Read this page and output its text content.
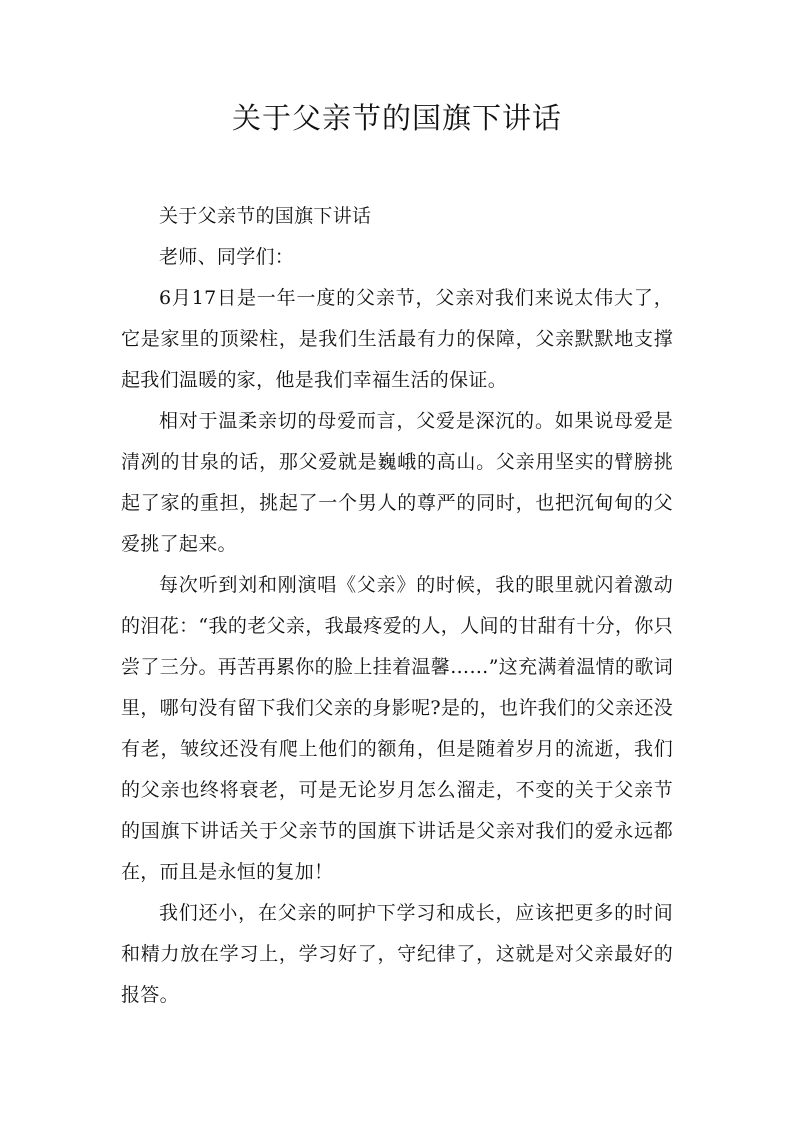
关于父亲节的国旗下讲话

关于父亲节的国旗下讲话

老师、同学们：

6月17日是一年一度的父亲节，父亲对我们来说太伟大了，它是家里的顶梁柱，是我们生活最有力的保障，父亲默默地支撑起我们温暖的家，他是我们幸福生活的保证。

相对于温柔亲切的母爱而言，父爱是深沉的。如果说母爱是清冽的甘泉的话，那父爱就是巍峨的高山。父亲用坚实的臂膀挑起了家的重担，挑起了一个男人的尊严的同时，也把沉甸甸的父爱挑了起来。

每次听到刘和刚演唱《父亲》的时候，我的眼里就闪着激动的泪花：“我的老父亲，我最疼爱的人，人间的甘甜有十分，你只尝了三分。再苦再累你的脸上挂着温馨……”这充满着温情的歌词里，哪句没有留下我们父亲的身影呢?是的，也许我们的父亲还没有老，皱纹还没有爬上他们的额角，但是随着岁月的流逝，我们的父亲也终将衰老，可是无论岁月怎么溜走，不变的关于父亲节的国旗下讲话关于父亲节的国旗下讲话是父亲对我们的爱永远都在，而且是永恒的复加！

我们还小，在父亲的呵护下学习和成长，应该把更多的时间和精力放在学习上，学习好了，守纪律了，这就是对父亲最好的报答。
